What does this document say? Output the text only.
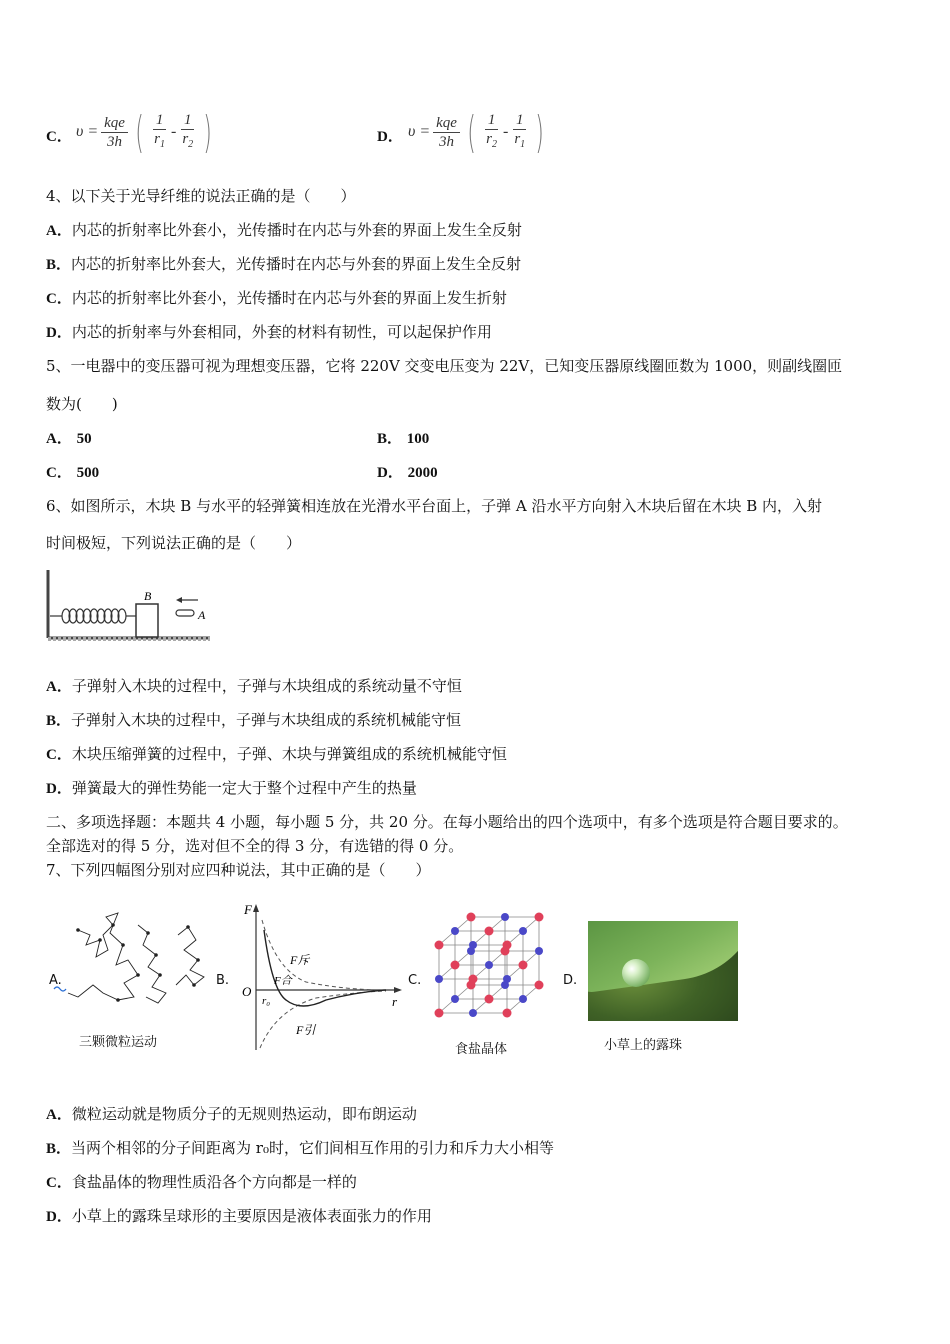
C． $\upsilon = \frac{\text{kqe}}{3h}$ ( $\frac{1}{r_1} - \frac{1}{r_2}$ )	D． $\upsilon = \frac{\text{kqe}}{3h}$ ( $\frac{1}{r_2} - \frac{1}{r_1}$ )
4、以下关于光导纤维的说法正确的是（　　）
A．内芯的折射率比外套小，光传播时在内芯与外套的界面上发生全反射
B．内芯的折射率比外套大，光传播时在内芯与外套的界面上发生全反射
C．内芯的折射率比外套小，光传播时在内芯与外套的界面上发生折射
D．内芯的折射率与外套相同，外套的材料有韧性，可以起保护作用
5、一电器中的变压器可视为理想变压器，它将 220V 交变电压变为 22V，已知变压器原线圈匝数为 1000，则副线圈匝
数为(　　)
A． 50	B． 100
C． 500	D． 2000
6、如图所示，木块 B 与水平的轻弹簧相连放在光滑水平台面上，子弹 A 沿水平方向射入木块后留在木块 B 内，入射
时间极短，下列说法正确的是（　　）
B
A
A．子弹射入木块的过程中，子弹与木块组成的系统动量不守恒
B．子弹射入木块的过程中，子弹与木块组成的系统机械能守恒
C．木块压缩弹簧的过程中，子弹、木块与弹簧组成的系统机械能守恒
D．弹簧最大的弹性势能一定大于整个过程中产生的热量
二、多项选择题：本题共 4 小题，每小题 5 分，共 20 分。在每小题给出的四个选项中，有多个选项是符合题目要求的。
全部选对的得 5 分，选对但不全的得 3 分，有选错的得 0 分。
7、下列四幅图分别对应四种说法，其中正确的是（　　）
A.
三颗微粒运动
B.
F
O
r₀	r
F斥
F合
F引
C.
食盐晶体
D.
小草上的露珠
A．微粒运动就是物质分子的无规则热运动，即布朗运动
B．当两个相邻的分子间距离为 r₀时，它们间相互作用的引力和斥力大小相等
C．食盐晶体的物理性质沿各个方向都是一样的
D．小草上的露珠呈球形的主要原因是液体表面张力的作用
